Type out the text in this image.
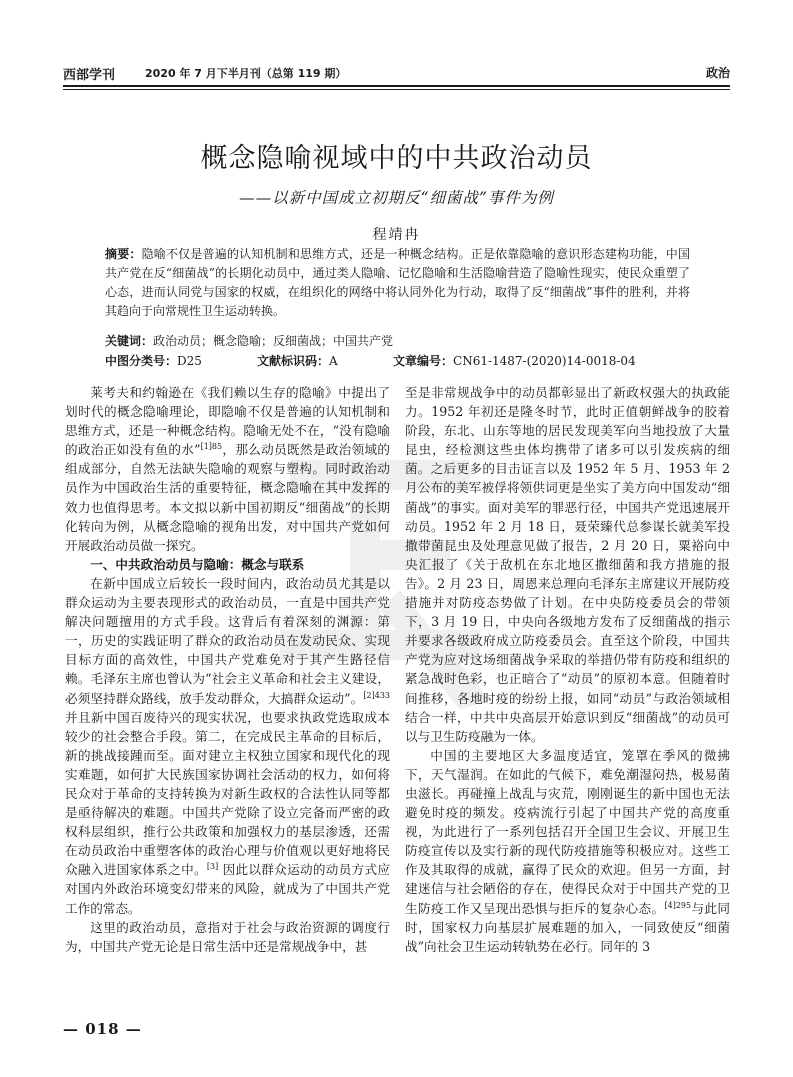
西部学刊	2020 年 7 月下半月刊（总第 119 期）	政治
概念隐喻视域中的中共政治动员
——以新中国成立初期反“细菌战”事件为例
程靖冉
摘要：隐喻不仅是普遍的认知机制和思维方式，还是一种概念结构。正是依靠隐喻的意识形态建构功能，中国共产党在反“细菌战”的长期化动员中，通过类人隐喻、记忆隐喻和生活隐喻营造了隐喻性现实，使民众重塑了心态，进而认同党与国家的权威，在组织化的网络中将认同外化为行动，取得了反“细菌战”事件的胜利，并将其趋向于向常规性卫生运动转换。
关键词：政治动员；概念隐喻；反细菌战；中国共产党
中图分类号：D25	文献标识码：A	文章编号：CN61-1487-(2020)14-0018-04

莱考夫和约翰逊在《我们赖以生存的隐喻》中提出了划时代的概念隐喻理论，即隐喻不仅是普遍的认知机制和思维方式，还是一种概念结构。隐喻无处不在，“没有隐喻的政治正如没有鱼的水”$^{[1]85}$，那么动员既然是政治领域的组成部分，自然无法缺失隐喻的观察与塑构。同时政治动员作为中国政治生活的重要特征，概念隐喻在其中发挥的效力也值得思考。本文拟以新中国初期反“细菌战”的长期化转向为例，从概念隐喻的视角出发，对中国共产党如何开展政治动员做一探究。

一、中共政治动员与隐喻：概念与联系

在新中国成立后较长一段时间内，政治动员尤其是以群众运动为主要表现形式的政治动员，一直是中国共产党解决问题擅用的方式手段。这背后有着深刻的渊源：第一，历史的实践证明了群众的政治动员在发动民众、实现目标方面的高效性，中国共产党难免对于其产生路径信赖。毛泽东主席也曾认为“社会主义革命和社会主义建设，必须坚持群众路线，放手发动群众，大搞群众运动”。$^{[2]433}$ 并且新中国百废待兴的现实状况，也要求执政党选取成本较少的社会整合手段。第二，在完成民主革命的目标后，新的挑战接踵而至。面对建立主权独立国家和现代化的现实难题，如何扩大民族国家协调社会活动的权力，如何将民众对于革命的支持转换为对新生政权的合法性认同等都是亟待解决的难题。中国共产党除了设立完备而严密的政权科层组织，推行公共政策和加强权力的基层渗透，还需在动员政治中重塑客体的政治心理与价值观以更好地将民众融入进国家体系之中。[3] 因此以群众运动的动员方式应对国内外政治环境变幻带来的风险，就成为了中国共产党工作的常态。

这里的政治动员，意指对于社会与政治资源的调度行为，中国共产党无论是日常生活中还是常规战争中，甚

至是非常规战争中的动员都彰显出了新政权强大的执政能力。1952 年初还是隆冬时节，此时正值朝鲜战争的胶着阶段，东北、山东等地的居民发现美军向当地投放了大量昆虫，经检测这些虫体均携带了诸多可以引发疾病的细菌。之后更多的目击证言以及 1952 年 5 月、1953 年 2 月公布的美军被俘将领供词更是坐实了美方向中国发动“细菌战”的事实。面对美军的罪恶行径，中国共产党迅速展开动员。1952 年 2 月 18 日，聂荣臻代总参谋长就美军投撒带菌昆虫及处理意见做了报告，2 月 20 日，粟裕向中央汇报了《关于敌机在东北地区撒细菌和我方措施的报告》。2 月 23 日，周恩来总理向毛泽东主席建议开展防疫措施并对防疫态势做了计划。在中央防疫委员会的带领下，3 月 19 日，中央向各级地方发布了反细菌战的指示并要求各级政府成立防疫委员会。直至这个阶段，中国共产党为应对这场细菌战争采取的举措仍带有防疫和组织的紧急战时色彩，也正暗合了“动员”的原初本意。但随着时间推移，各地时疫的纷纷上报，如同“动员”与政治领域相结合一样，中共中央高层开始意识到反“细菌战”的动员可以与卫生防疫融为一体。

中国的主要地区大多温度适宜，笼罩在季风的微拂下，天气湿润。在如此的气候下，难免潮湿闷热，极易菌虫滋长。再碰撞上战乱与灾荒，刚刚诞生的新中国也无法避免时疫的频发。疫病流行引起了中国共产党的高度重视，为此进行了一系列包括召开全国卫生会议、开展卫生防疫宣传以及实行新的现代防疫措施等积极应对。这些工作及其取得的成就，赢得了民众的欢迎。但另一方面，封建迷信与社会陋俗的存在，使得民众对于中国共产党的卫生防疫工作又呈现出恐惧与拒斥的复杂心态。$^{[4]295}$与此同时，国家权力向基层扩展难题的加入，一同致使反“细菌战”向社会卫生运动转轨势在必行。同年的 3

— 018 —
